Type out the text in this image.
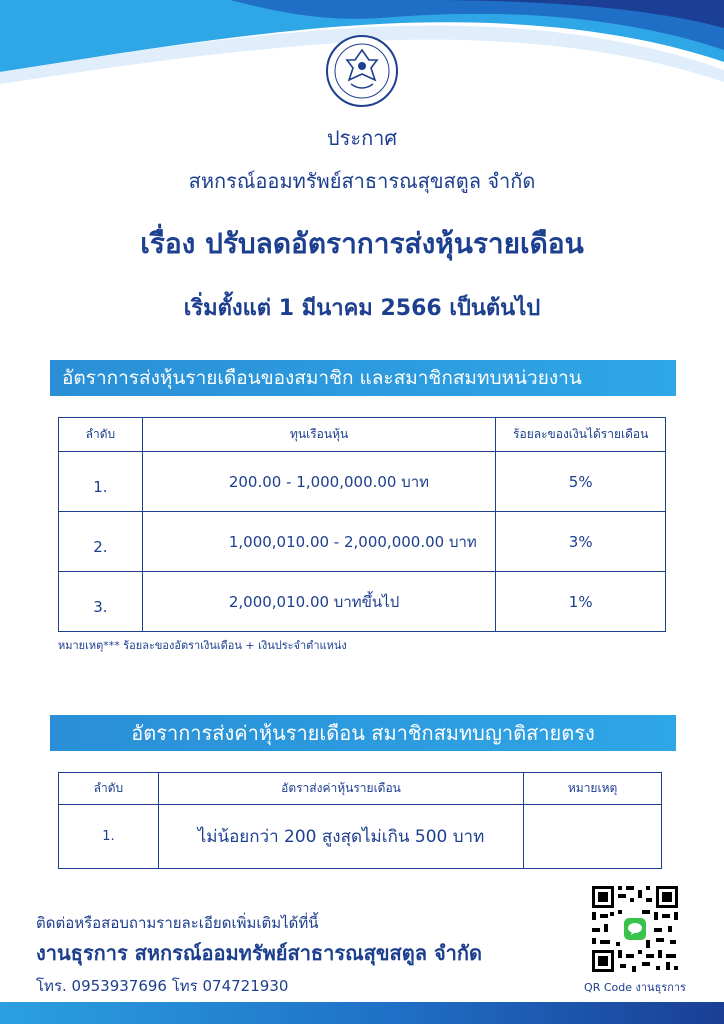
ประกาศ
สหกรณ์ออมทรัพย์สาธารณสุขสตูล จำกัด
เรื่อง ปรับลดอัตราการส่งหุ้นรายเดือน
เริ่มตั้งแต่ 1 มีนาคม 2566 เป็นต้นไป
อัตราการส่งหุ้นรายเดือนของสมาชิก และสมาชิกสมทบหน่วยงาน
ลำดับ	ทุนเรือนหุ้น	ร้อยละของเงินได้รายเดือน
1.	200.00 - 1,000,000.00 บาท	5%
2.	1,000,010.00 - 2,000,000.00 บาท	3%
3.	2,000,010.00 บาทขึ้นไป	1%
หมายเหตุ*** ร้อยละของอัตราเงินเดือน + เงินประจำตำแหน่ง
อัตราการส่งค่าหุ้นรายเดือน สมาชิกสมทบญาติสายตรง
ลำดับ	อัตราส่งค่าหุ้นรายเดือน	หมายเหตุ
1.	ไม่น้อยกว่า 200 สูงสุดไม่เกิน 500 บาท	
ติดต่อหรือสอบถามรายละเอียดเพิ่มเติมได้ที่นี้
งานธุรการ สหกรณ์ออมทรัพย์สาธารณสุขสตูล จำกัด
โทร. 0953937696 โทร 074721930	QR Code งานธุรการ
